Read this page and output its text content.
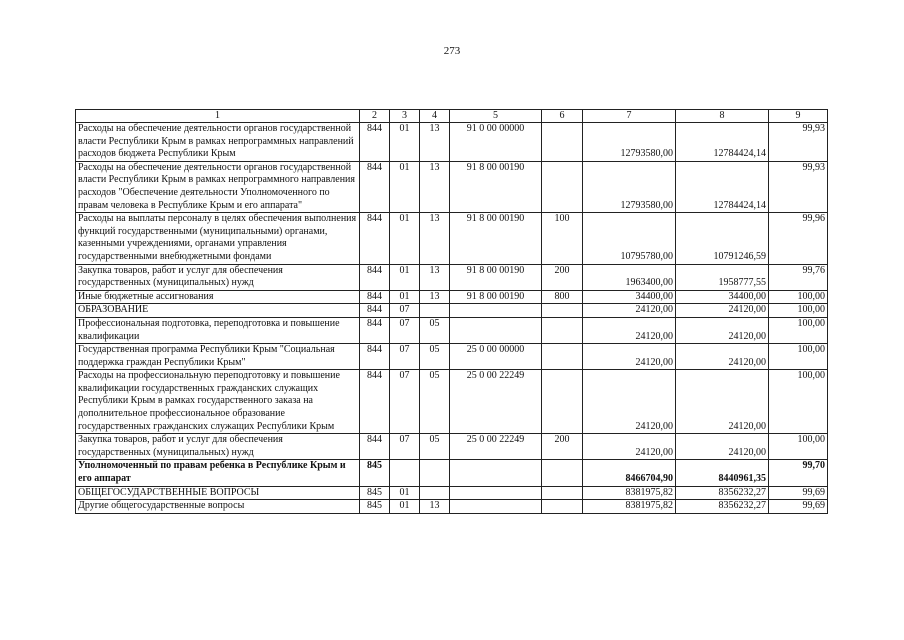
273
1	2	3	4	5	6	7	8	9
Расходы на обеспечение деятельности органов государственной власти Республики Крым в рамках непрограммных направлений расходов бюджета Республики Крым	844	01	13	91 0 00 00000		12793580,00	12784424,14	99,93
Расходы на обеспечение деятельности органов государственной власти Республики Крым в рамках непрограммного направления расходов "Обеспечение деятельности Уполномоченного по правам человека в Республике Крым и его аппарата"	844	01	13	91 8 00 00190		12793580,00	12784424,14	99,93
Расходы на выплаты персоналу в целях обеспечения выполнения функций государственными (муниципальными) органами, казенными учреждениями, органами управления государственными внебюджетными фондами	844	01	13	91 8 00 00190	100	10795780,00	10791246,59	99,96
Закупка товаров, работ и услуг для обеспечения государственных (муниципальных) нужд	844	01	13	91 8 00 00190	200	1963400,00	1958777,55	99,76
Иные бюджетные ассигнования	844	01	13	91 8 00 00190	800	34400,00	34400,00	100,00
ОБРАЗОВАНИЕ	844	07				24120,00	24120,00	100,00
Профессиональная подготовка, переподготовка и повышение квалификации	844	07	05			24120,00	24120,00	100,00
Государственная программа Республики Крым "Социальная поддержка граждан Республики Крым"	844	07	05	25 0 00 00000		24120,00	24120,00	100,00
Расходы на профессиональную переподготовку и повышение квалификации государственных гражданских служащих Республики Крым в рамках государственного заказа на дополнительное профессиональное образование государственных гражданских служащих Республики Крым	844	07	05	25 0 00 22249		24120,00	24120,00	100,00
Закупка товаров, работ и услуг для обеспечения государственных (муниципальных) нужд	844	07	05	25 0 00 22249	200	24120,00	24120,00	100,00
Уполномоченный по правам ребенка в Республике Крым и его аппарат	845					8466704,90	8440961,35	99,70
ОБЩЕГОСУДАРСТВЕННЫЕ ВОПРОСЫ	845	01				8381975,82	8356232,27	99,69
Другие общегосударственные вопросы	845	01	13			8381975,82	8356232,27	99,69
